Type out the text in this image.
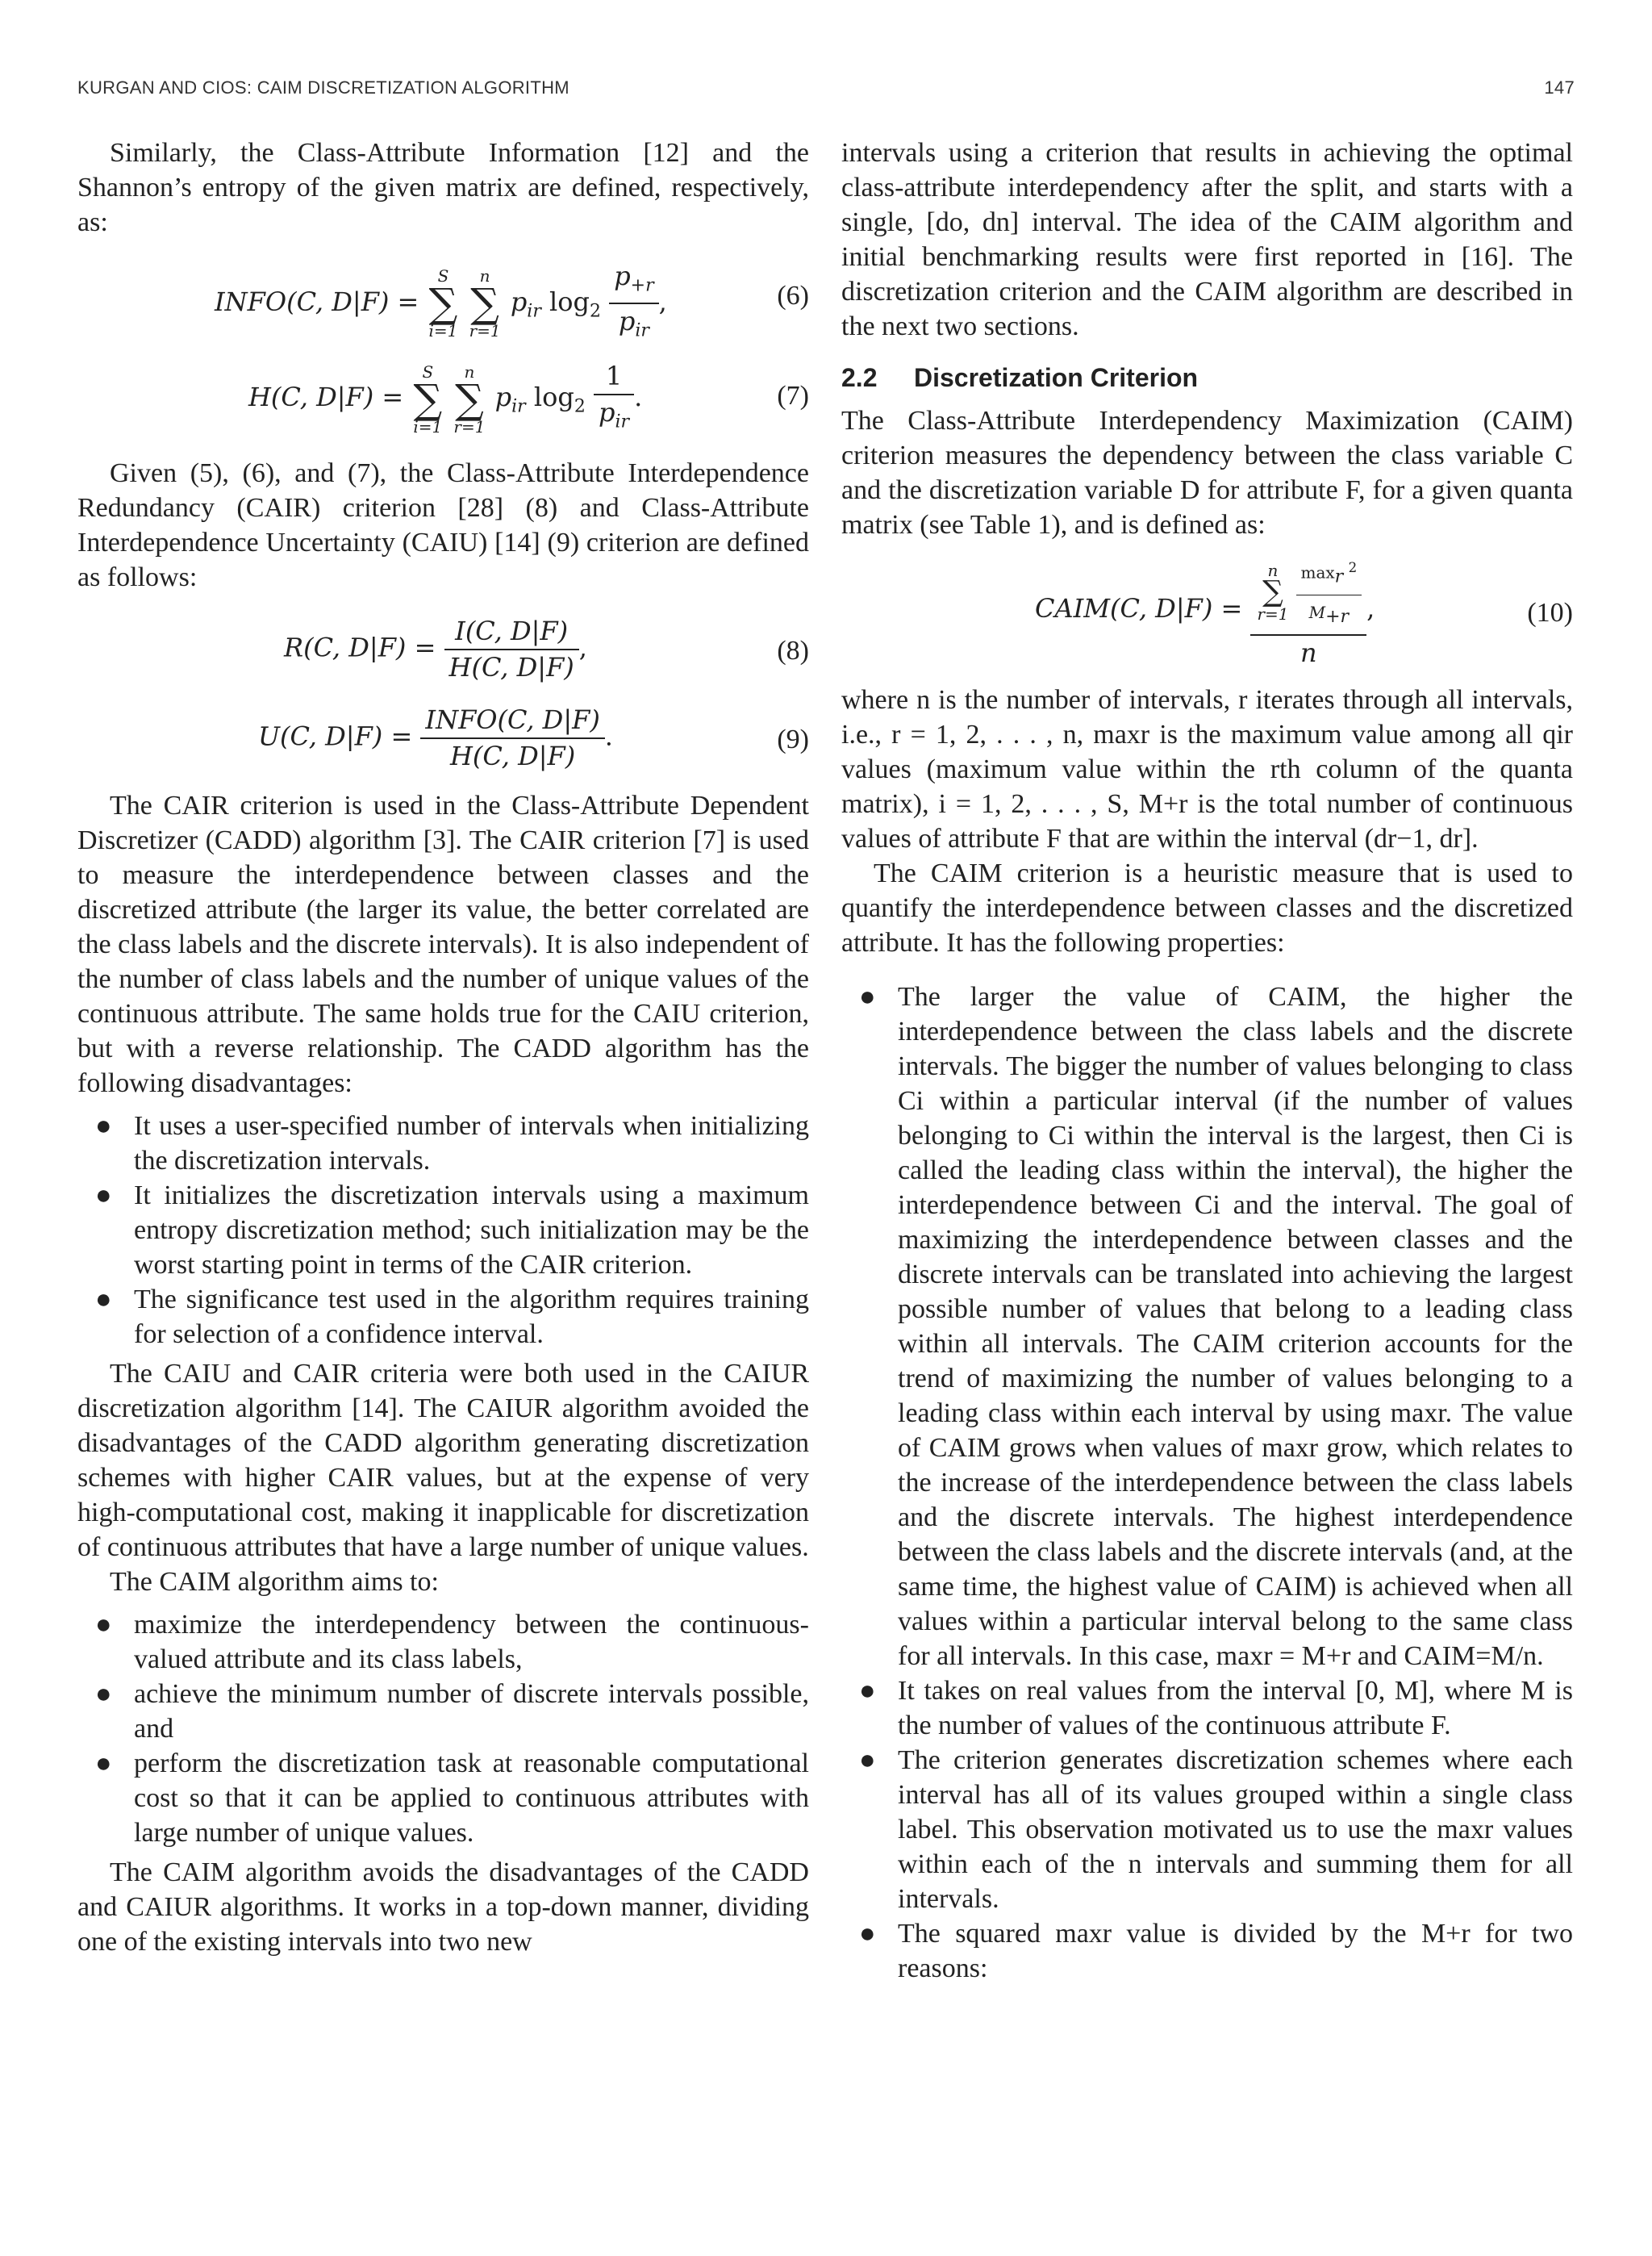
KURGAN AND CIOS: CAIM DISCRETIZATION ALGORITHM	147

Similarly, the Class-Attribute Information [12] and the Shannon’s entropy of the given matrix are defined, respectively, as:

INFO(C, D|F) =
S
∑
i=1

n
∑
r=1
$p_{ir}$ $\log_2 \frac{p_{+r}}{p_{ir}}$ ,	(6)
H(C, D|F) =
S
∑
i=1

n
∑
r=1
$p_{ir}$ $\log_2 \frac{1}{p_{ir}}$ .	(7)

Given (5), (6), and (7), the Class-Attribute Interdependence Redundancy (CAIR) criterion [28] (8) and Class-Attribute Interdependence Uncertainty (CAIU) [14] (9) criterion are defined as follows:

R(C, $D|F) = \frac{I(C, D|F)}{H(C, D|F)}$ ,	(8)
U(C, $D|F) = \frac{\text{INFO(C, D|F)}}{H(C, D|F)}$ .	(9)

The CAIR criterion is used in the Class-Attribute Dependent Discretizer (CADD) algorithm [3]. The CAIR criterion [7] is used to measure the interdependence between classes and the discretized attribute (the larger its value, the better correlated are the class labels and the discrete intervals). It is also independent of the number of class labels and the number of unique values of the continuous attribute. The same holds true for the CAIU criterion, but with a reverse relationship. The CADD algorithm has the following disadvantages:

● It uses a user-specified number of intervals when initializing the discretization intervals.
● It initializes the discretization intervals using a maximum entropy discretization method; such initialization may be the worst starting point in terms of the CAIR criterion.
● The significance test used in the algorithm requires training for selection of a confidence interval.

The CAIU and CAIR criteria were both used in the CAIUR discretization algorithm [14]. The CAIUR algorithm avoided the disadvantages of the CADD algorithm generating discretization schemes with higher CAIR values, but at the expense of very high-computational cost, making it inapplicable for discretization of continuous attributes that have a large number of unique values.

The CAIM algorithm aims to:

● maximize the interdependency between the continuous-valued attribute and its class labels,
● achieve the minimum number of discrete intervals possible, and
● perform the discretization task at reasonable computational cost so that it can be applied to continuous attributes with large number of unique values.

The CAIM algorithm avoids the disadvantages of the CADD and CAIUR algorithms. It works in a top-down manner, dividing one of the existing intervals into two new

intervals using a criterion that results in achieving the optimal class-attribute interdependency after the split, and starts with a single, [do, dn] interval. The idea of the CAIM algorithm and initial benchmarking results were first reported in [16]. The discretization criterion and the CAIM algorithm are described in the next two sections.

2.2 Discretization Criterion

The Class-Attribute Interdependency Maximization (CAIM) criterion measures the dependency between the class variable C and the discretization variable D for attribute F, for a given quanta matrix (see Table 1), and is defined as:

CAIM(C, D|F) = n
∑
r=1
$\frac{\max_r ^2}{M_{+r}}$
n ,	(10)

where n is the number of intervals, r iterates through all intervals, i.e., r = 1, 2, . . . , n, maxr is the maximum value among all qir values (maximum value within the rth column of the quanta matrix), i = 1, 2, . . . , S, M+r is the total number of continuous values of attribute F that are within the interval (dr−1, dr].

The CAIM criterion is a heuristic measure that is used to quantify the interdependence between classes and the discretized attribute. It has the following properties:

● The larger the value of CAIM, the higher the interdependence between the class labels and the discrete intervals. The bigger the number of values belonging to class Ci within a particular interval (if the number of values belonging to Ci within the interval is the largest, then Ci is called the leading class within the interval), the higher the interdependence between Ci and the interval. The goal of maximizing the interdependence between classes and the discrete intervals can be translated into achieving the largest possible number of values that belong to a leading class within all intervals. The CAIM criterion accounts for the trend of maximizing the number of values belonging to a leading class within each interval by using maxr. The value of CAIM grows when values of maxr grow, which relates to the increase of the interdependence between the class labels and the discrete intervals. The highest interdependence between the class labels and the discrete intervals (and, at the same time, the highest value of CAIM) is achieved when all values within a particular interval belong to the same class for all intervals. In this case, maxr = M+r and CAIM=M/n.
● It takes on real values from the interval [0, M], where M is the number of values of the continuous attribute F.
● The criterion generates discretization schemes where each interval has all of its values grouped within a single class label. This observation motivated us to use the maxr values within each of the n intervals and summing them for all intervals.
● The squared maxr value is divided by the M+r for two reasons:
